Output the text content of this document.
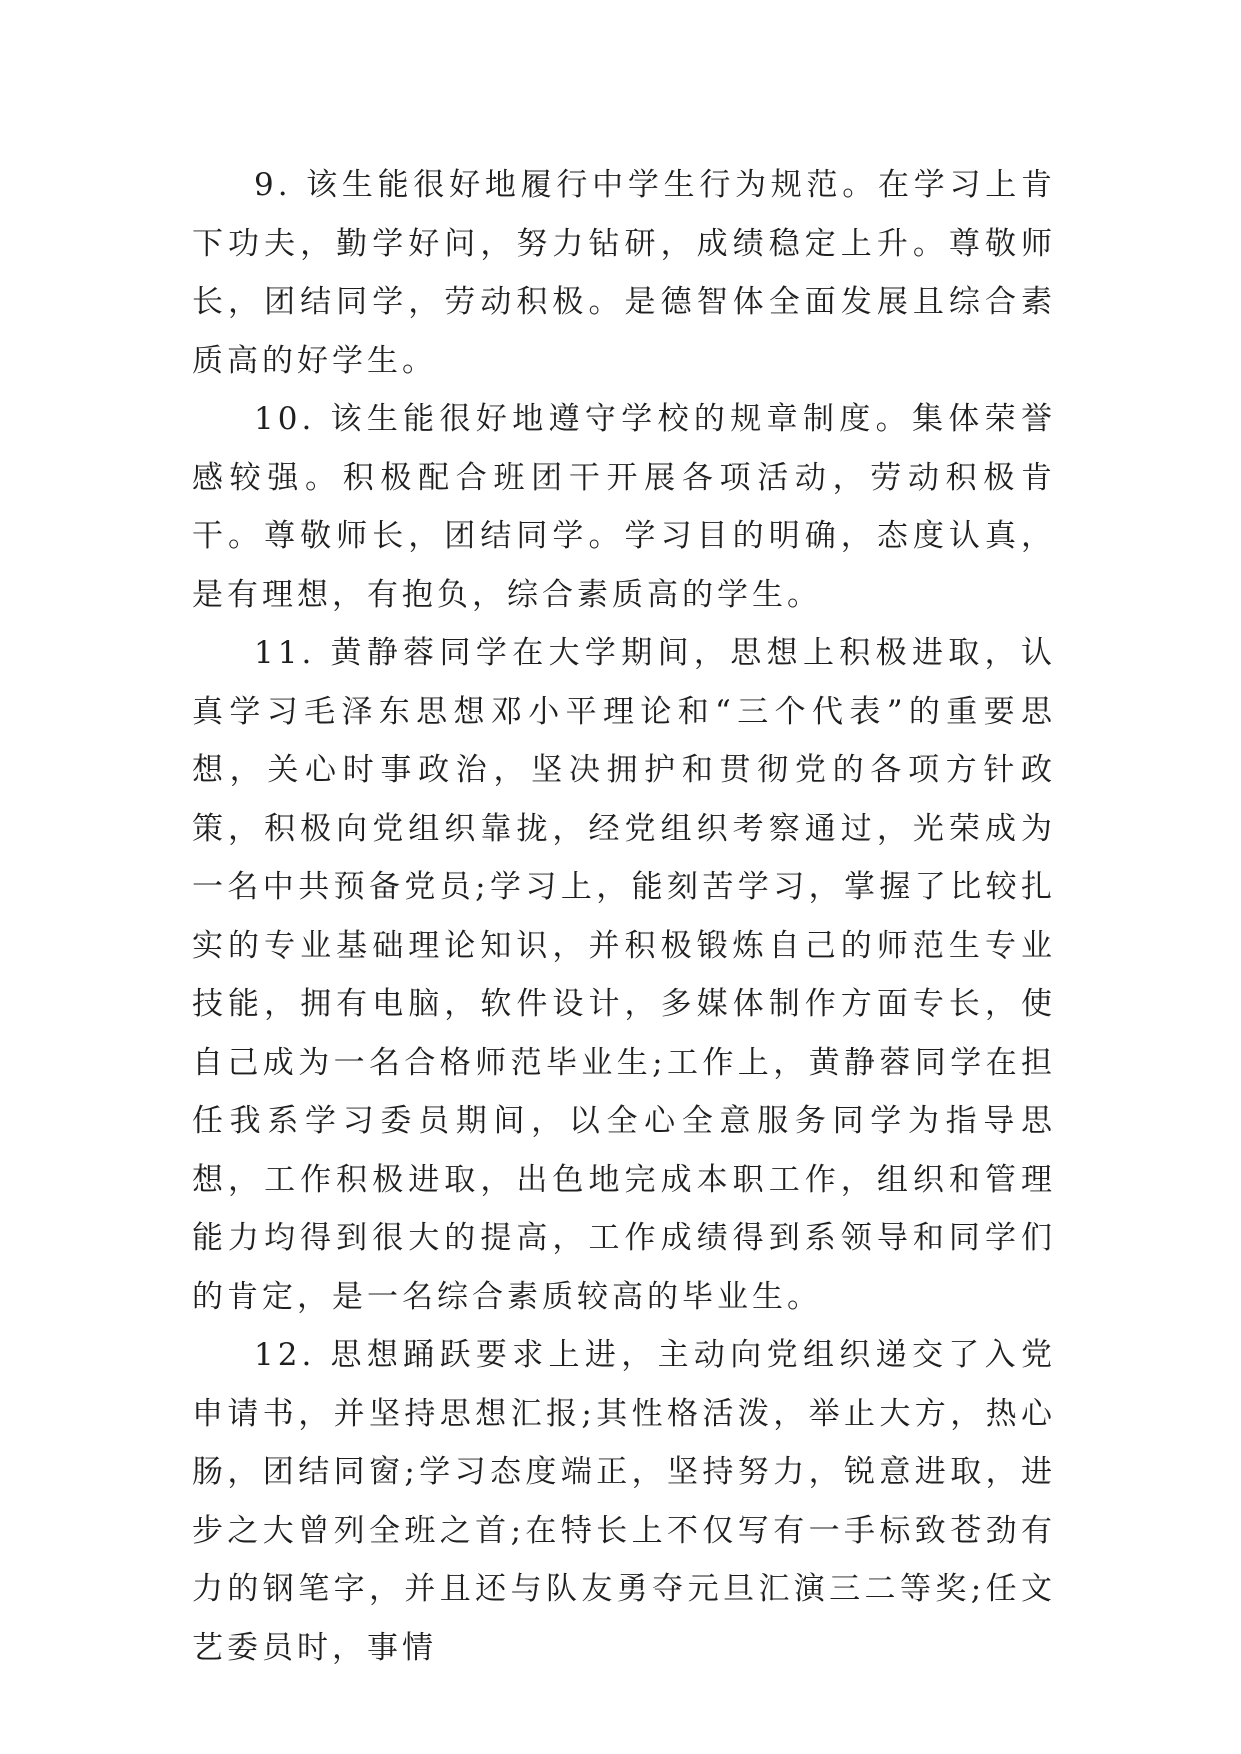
9. 该生能很好地履行中学生行为规范。在学习上肯下功夫，勤学好问，努力钻研，成绩稳定上升。尊敬师长，团结同学，劳动积极。是德智体全面发展且综合素质高的好学生。

10. 该生能很好地遵守学校的规章制度。集体荣誉感较强。积极配合班团干开展各项活动，劳动积极肯干。尊敬师长，团结同学。学习目的明确，态度认真，是有理想，有抱负，综合素质高的学生。

11. 黄静蓉同学在大学期间，思想上积极进取，认真学习毛泽东思想邓小平理论和“三个代表”的重要思想，关心时事政治，坚决拥护和贯彻党的各项方针政策，积极向党组织靠拢，经党组织考察通过，光荣成为一名中共预备党员;学习上，能刻苦学习，掌握了比较扎实的专业基础理论知识，并积极锻炼自己的师范生专业技能，拥有电脑，软件设计，多媒体制作方面专长，使自己成为一名合格师范毕业生;工作上，黄静蓉同学在担任我系学习委员期间，以全心全意服务同学为指导思想，工作积极进取，出色地完成本职工作，组织和管理能力均得到很大的提高，工作成绩得到系领导和同学们的肯定，是一名综合素质较高的毕业生。

12. 思想踊跃要求上进，主动向党组织递交了入党申请书，并坚持思想汇报;其性格活泼，举止大方，热心肠，团结同窗;学习态度端正，坚持努力，锐意进取，进步之大曾列全班之首;在特长上不仅写有一手标致苍劲有力的钢笔字，并且还与队友勇夺元旦汇演三二等奖;任文艺委员时，事情
